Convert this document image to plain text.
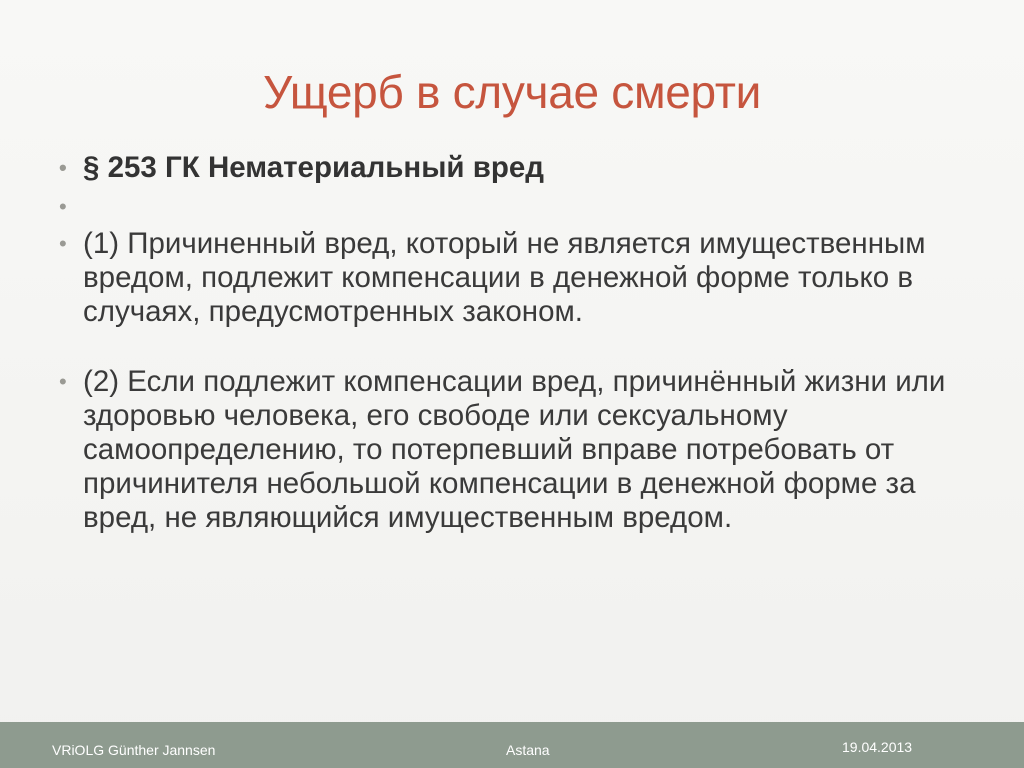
Ущерб в случае смерти
• § 253 ГК Нематериальный вред
•
• (1) Причиненный вред, который не является имущественным вредом, подлежит компенсации в денежной форме только в случаях, предусмотренных законом.
• (2) Если подлежит компенсации вред, причинённый жизни или здоровью человека, его свободе или сексуальному самоопределению, то потерпевший вправе потребовать от причинителя небольшой компенсации в денежной форме за вред, не являющийся имущественным вредом.
VRiOLG Günther Jannsen	Astana	19.04.2013
